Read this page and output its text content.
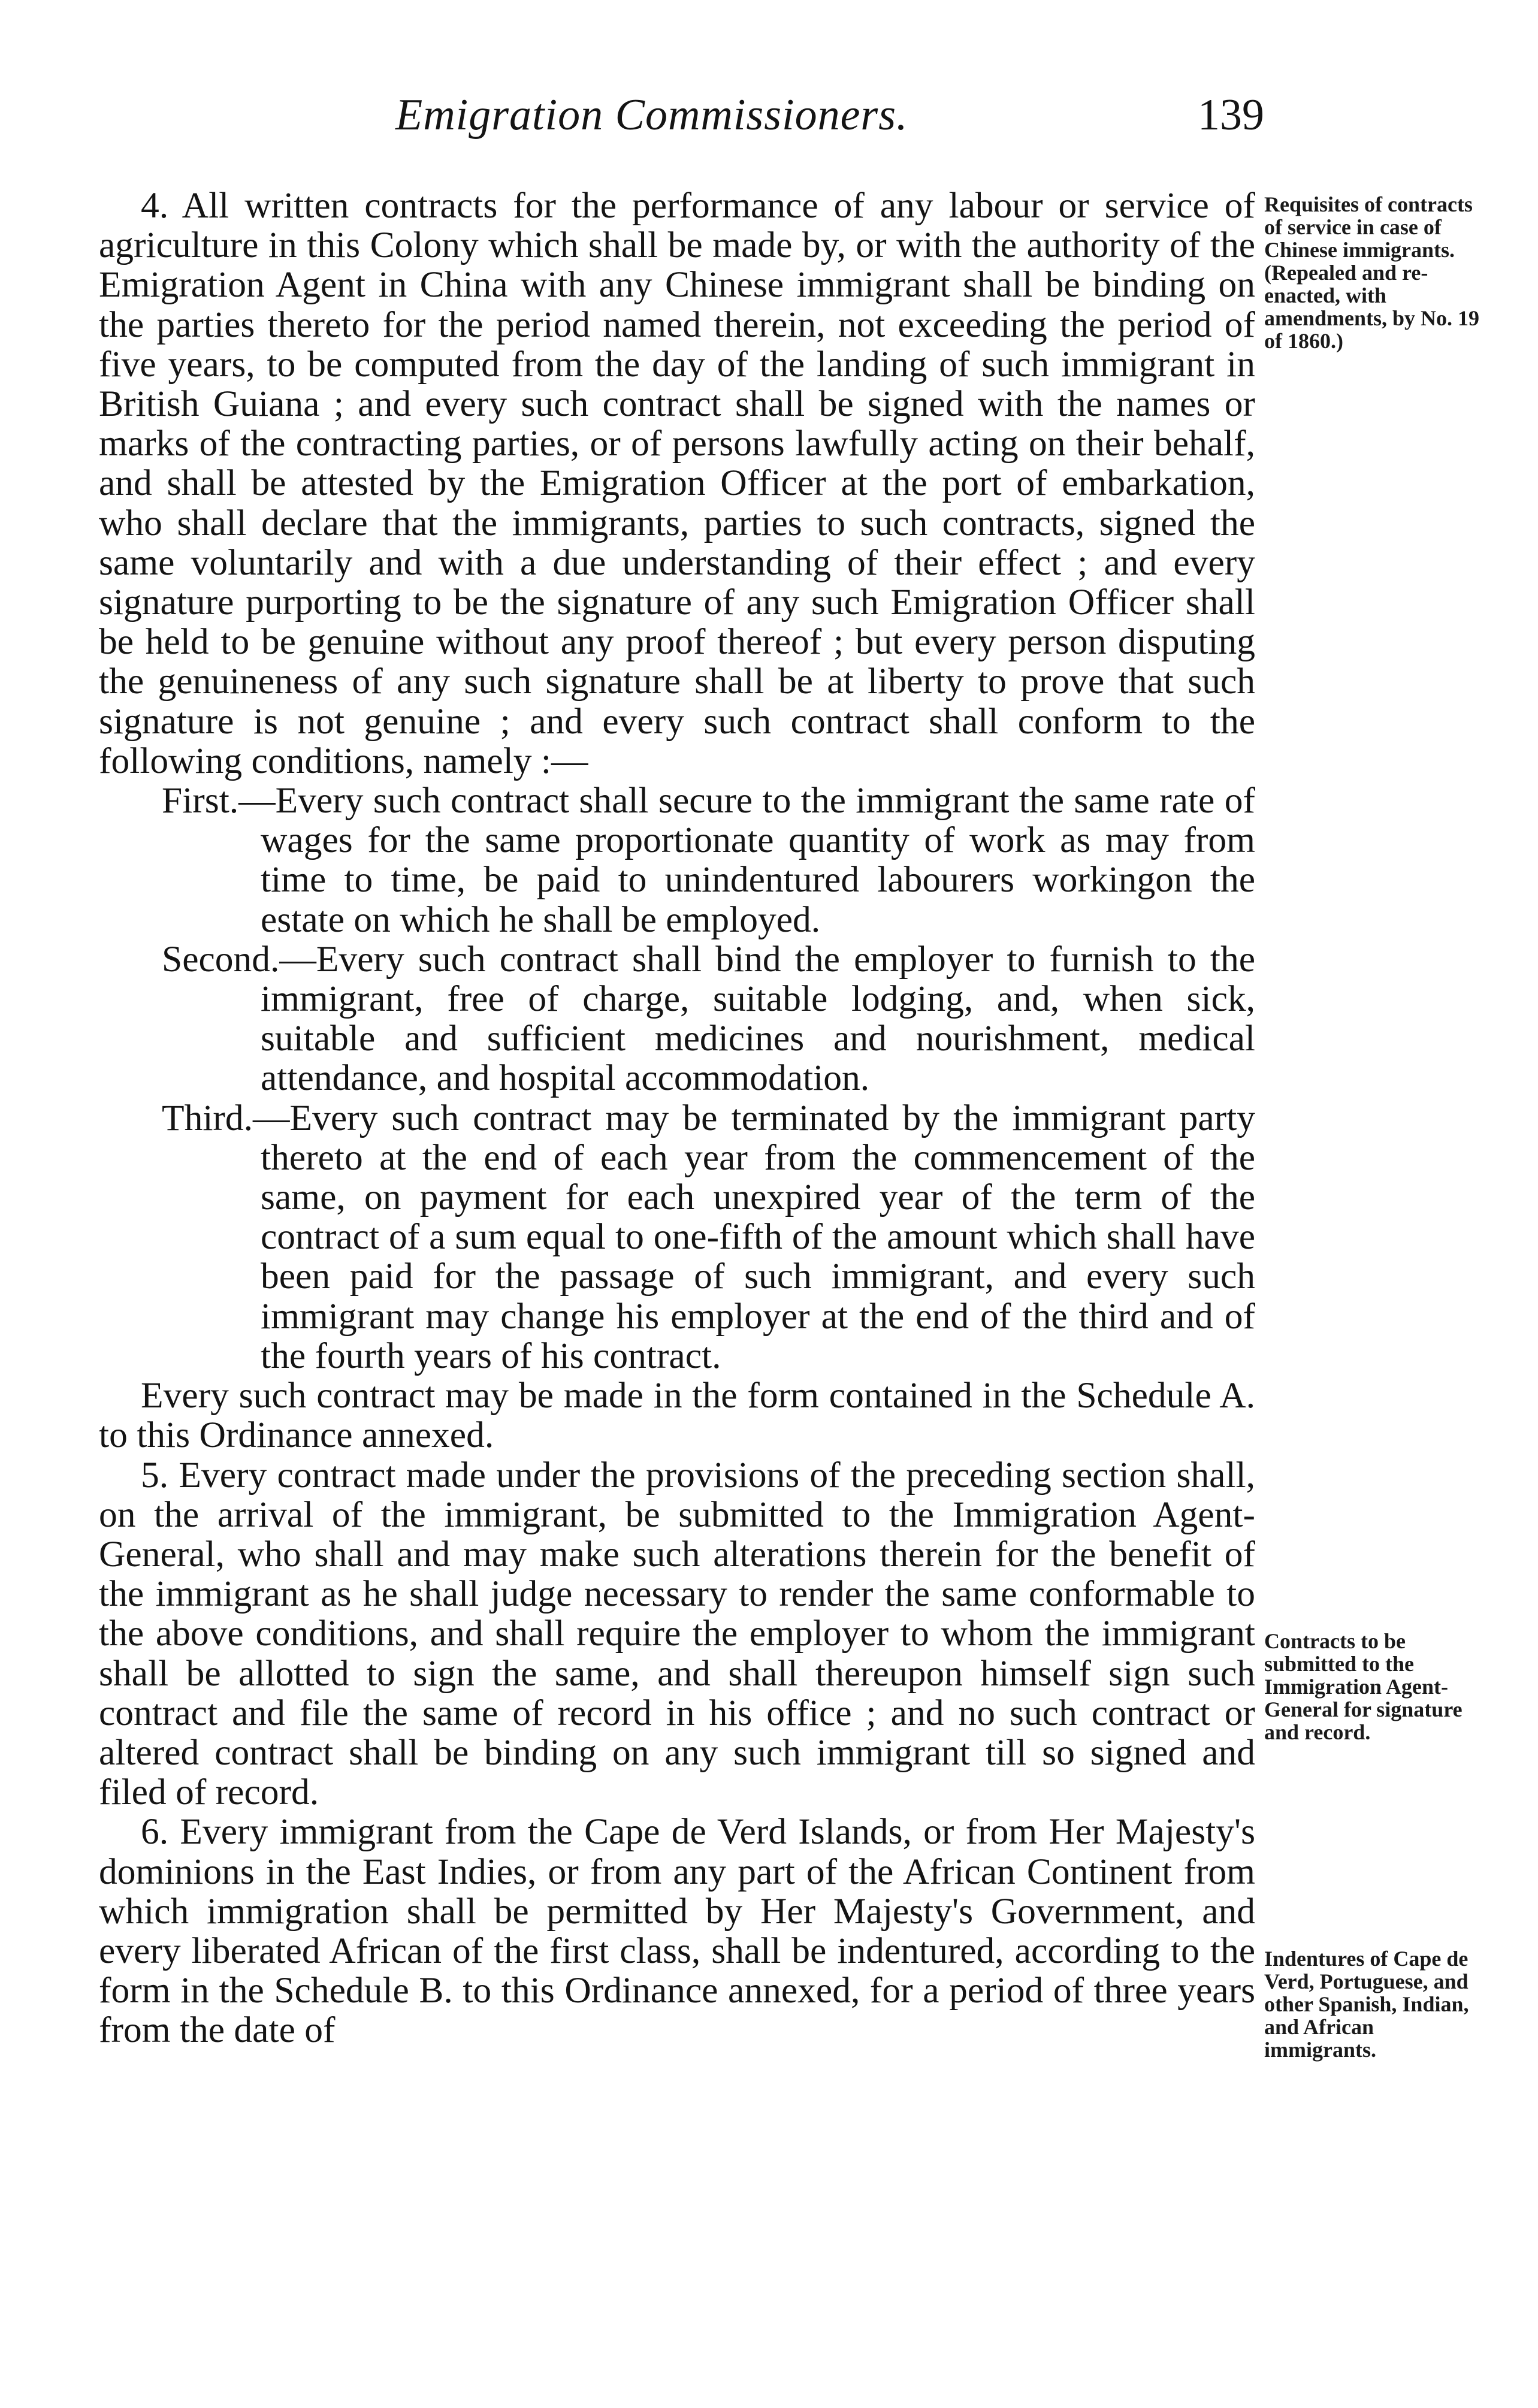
Emigration Commissioners.	139

4. All written contracts for the performance of any labour or service of agriculture in this Colony which shall be made by, or with the authority of the Emigration Agent in China with any Chinese immigrant shall be binding on the parties thereto for the period named therein, not exceeding the period of five years, to be computed from the day of the landing of such immigrant in British Guiana ; and every such contract shall be signed with the names or marks of the contracting parties, or of persons lawfully acting on their behalf, and shall be attested by the Emigration Officer at the port of embarkation, who shall declare that the immigrants, parties to such contracts, signed the same voluntarily and with a due understanding of their effect ; and every signature purporting to be the signature of any such Emigration Officer shall be held to be genuine without any proof thereof ; but every person disputing the genuineness of any such signature shall be at liberty to prove that such signature is not genuine ; and every such contract shall conform to the following conditions, namely :—

First.—Every such contract shall secure to the immigrant the same rate of wages for the same proportionate quantity of work as may from time to time, be paid to unindentured labourers workingon the estate on which he shall be employed.

Second.—Every such contract shall bind the employer to furnish to the immigrant, free of charge, suitable lodging, and, when sick, suitable and sufficient medicines and nourishment, medical attendance, and hospital accommodation.

Third.—Every such contract may be terminated by the immigrant party thereto at the end of each year from the commencement of the same, on payment for each unexpired year of the term of the contract of a sum equal to one-fifth of the amount which shall have been paid for the passage of such immigrant, and every such immigrant may change his employer at the end of the third and of the fourth years of his contract.

Every such contract may be made in the form contained in the Schedule A. to this Ordinance annexed.

5. Every contract made under the provisions of the preceding section shall, on the arrival of the immigrant, be submitted to the Immigration Agent-General, who shall and may make such alterations therein for the benefit of the immigrant as he shall judge necessary to render the same conformable to the above conditions, and shall require the employer to whom the immigrant shall be allotted to sign the same, and shall thereupon himself sign such contract and file the same of record in his office ; and no such contract or altered contract shall be binding on any such immigrant till so signed and filed of record.

6. Every immigrant from the Cape de Verd Islands, or from Her Majesty's dominions in the East Indies, or from any part of the African Continent from which immigration shall be permitted by Her Majesty's Government, and every liberated African of the first class, shall be indentured, according to the form in the Schedule B. to this Ordinance annexed, for a period of three years from the date of

Requisites of contracts of service in case of Chinese immigrants. (Repealed and re-enacted, with amendments, by No. 19 of 1860.)
Contracts to be submitted to the Immigration Agent-General for signature and record.
Indentures of Cape de Verd, Portuguese, and other Spanish, Indian, and African immigrants.
